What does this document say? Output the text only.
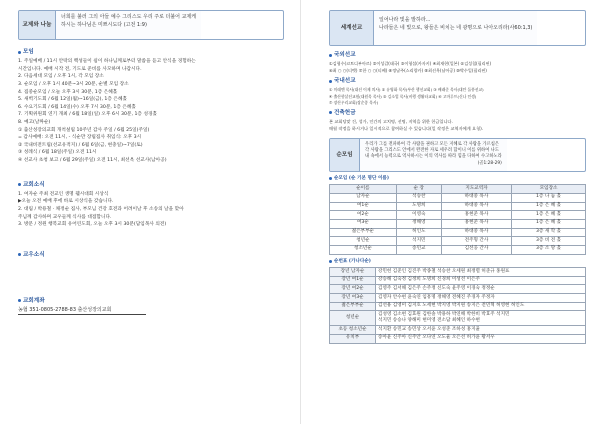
교제와 나눔
너희를 불러 그의 아들 예수 그리스도 우리 주로 더불어 교제케
하시는 하나님은 미쁘시도다 (고전 1:9)
모임
1. 주일예배 / 11시 안락의 백성들이 쉼이 하나님께로부터 말씀을 듣고 안식을 경험하는
시간입니다. 예배 시작 전, 기도로 준비를 사모하며 나갑시다.
2. 다음세대 모임 / 오후 1시, 각 모임 장소
3. 순모임 / 오후 1시 40분~3시 20분, 순별 모임 장소
4. 집중순모임 / 오늘 오후 3시 30분, 1층 은혜홀
5. 새벽기도회 / 6월 12일(월)~16일(금), 1층 은혜홀
6. 수요기도회 / 6월 14일(수) 오후 7시 30분, 1층 은혜홀
7. 기획위원회 연기 개최 / 6월 18일(일) 오후 6시 30분, 1층 성경홀
8. 예고(날짜순)
① 출산성장의교회 개척설립 10주년 감사 주일 / 6월 25일(주일)
= 감사예배: 오전 11시, - 식순만 장립집사 취임식: 오후 3시
② 국내비전트립(선교유적지) / 6월 6일(금, 현충일)~7일(토)
③ 성례식 / 6월 18일(주일) 오전 11시
④ 선교사 초청 보고 / 6월 29일(주일) 오전 11시, 최선옥 선교사(남아공)
교회소식
1. 여자순 주최 전교인 생명 웰시대회 시상식
▶오늘 오전 예배 후에 바로 시상식을 갖습니다.
2. 대림 / 박용철 · 채정순 집사, 부모님 건강 호전과 어려이날 후 소송의 날을 맞아
주님께 감사하며 교우들께 식사를 대접합니다.
3. 방문 / 정원 행복교회 유어린도회, 오늘 오후 3시 30분(담임목사 의전)
교우소식
교회계좌
농협 351-0805-2788-83 출산성장의교회
세계선교
일어나라 빛을 발하라...
나라들은 네 빛으로, 왕들은 비치는 네 광명으로 나아오리라(사60:1,3)
국외선교
①김형수(코트디부아르) ②이성갑(태국) ③이형섭(카자키) ④최재현(일본) ⑤김성철(필리핀)
⑥최 ○ ○(티벳) ⑦한 ○ ○(티베) ⑧정남주(스리랑카) ⑨최선옥(남아공) ⑩박수일(필리핀)
국내선교
① 미래엔 목사(대선 이제 의사) ② 유영화 목사(부산 행선교회) ③ 배래준 목사(대안 돌풍선교)
④ 출산향살선교원(대원목 목사) ⑤ 김소업 목사(비행 생활타교회) ⑥ 고마루트(신나 인생)
⑦ 장산우리교회(장순종 목사)
건축헌금
본 교회당맞 건, 성가, 인간의 고치명, 선명, 지역을 위한 헌금입니다.
매월 작정을 하시거나 일시적으로 참여하실 수 있습니다(일 작정은 교역자에게 요청).
순모임
우리가 그를 전파하여 각 사람을 권하고 모든 지혜로 각 사람을 가르침은
각 사람을 그리스도 안에서 완전한 자로 세우려 함이니 이를 위하여 나도
내 속에서 능력으로 역사하시는 이의 역사를 따라 힘을 다하여 수고하노라
(골1:28-29)
순모임 (순 기본 명단 이름)
순이름	순 장	지도교역자	모임장소
남자순	석승찬	하대중 목사	1층 나 눔 홀
여1순	도명희	하대중 목사	1층 은 혜 홀
여2순	이영숙	홍현준 목사	1층 은 혜 홀
여3순	정해영	홍현준 목사	1층 은 혜 홀
젊은부부순	허인도	하대중 목사	3층 새 학 홀
청년순	석지민	전주형 간사	3층 비 전 홀
청소년순	송민교	김선웅 간사	3층 소 망 홀
순번표 (가나다순)
장년 남자순	강민헌 김준인 김진주 박종철 석승찬 오세원 최정렬 허준규 홍원표
장년 여1순	강승해 김숙정 김정희 도명희 신경희 이성선 이은주
장년 여2순	김영주 김서해 김은주 손주정 신도숙 윤주영 이경숙 정정순
장년 여3순	김영자 안수현 윤숙연 임흥명 정해영 전혜진 주경자 주정자
젊은부부순	김선용 김영미 김지호 노세현 박지영 박지원 송지은 전민혁 허영현 허인도
청년순	김성영 김소현 김효원 김한솔 박용하 박연해 박한비 박효주 석지민
석지민 송승나 양해미 현미영 전소담 최혜인 하수현
초등 청소년순	석지환 송민교 송민상 오서윤 오성준 조하성 홍지율
유치부	송아윤 신주아 신주안 오다연 오도율 오은선 허가윤 황서우
